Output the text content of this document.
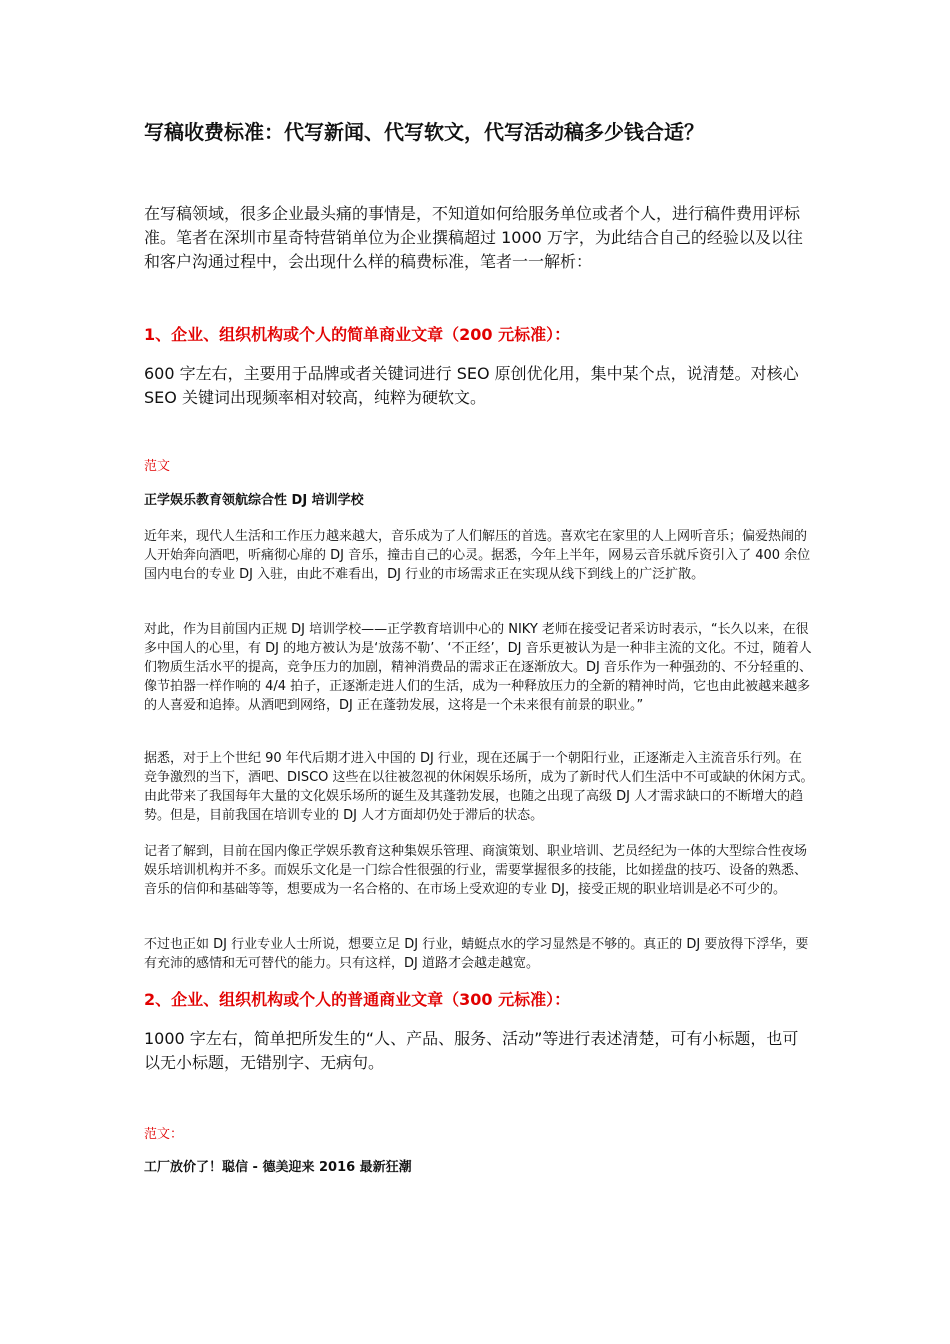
写稿收费标准：代写新闻、代写软文，代写活动稿多少钱合适？

在写稿领域，很多企业最头痛的事情是，不知道如何给服务单位或者个人，进行稿件费用评标准。笔者在深圳市星奇特营销单位为企业撰稿超过 1000 万字，为此结合自己的经验以及以往和客户沟通过程中，会出现什么样的稿费标准，笔者一一解析：

1、企业、组织机构或个人的简单商业文章（200 元标准）：

600 字左右，主要用于品牌或者关键词进行 SEO 原创优化用，集中某个点，说清楚。对核心 SEO 关键词出现频率相对较高，纯粹为硬软文。

范文
正学娱乐教育领航综合性 DJ 培训学校

近年来，现代人生活和工作压力越来越大，音乐成为了人们解压的首选。喜欢宅在家里的人上网听音乐；偏爱热闹的人开始奔向酒吧，听痛彻心扉的 DJ 音乐，撞击自己的心灵。据悉，今年上半年，网易云音乐就斥资引入了 400 余位国内电台的专业 DJ 入驻，由此不难看出，DJ 行业的市场需求正在实现从线下到线上的广泛扩散。

对此，作为目前国内正规 DJ 培训学校——正学教育培训中心的 NIKY 老师在接受记者采访时表示，“长久以来，在很多中国人的心里，有 DJ 的地方被认为是‘放荡不勒’、‘不正经’，DJ 音乐更被认为是一种非主流的文化。不过，随着人们物质生活水平的提高，竞争压力的加剧，精神消费品的需求正在逐渐放大。DJ 音乐作为一种强劲的、不分轻重的、像节拍器一样作响的 4/4 拍子，正逐渐走进人们的生活，成为一种释放压力的全新的精神时尚，它也由此被越来越多的人喜爱和追捧。从酒吧到网络，DJ 正在蓬勃发展，这将是一个未来很有前景的职业。”

据悉，对于上个世纪 90 年代后期才进入中国的 DJ 行业，现在还属于一个朝阳行业，正逐渐走入主流音乐行列。在竞争激烈的当下，酒吧、DISCO 这些在以往被忽视的休闲娱乐场所，成为了新时代人们生活中不可或缺的休闲方式。由此带来了我国每年大量的文化娱乐场所的诞生及其蓬勃发展，也随之出现了高级 DJ 人才需求缺口的不断增大的趋势。但是，目前我国在培训专业的 DJ 人才方面却仍处于滞后的状态。

记者了解到，目前在国内像正学娱乐教育这种集娱乐管理、商演策划、职业培训、艺员经纪为一体的大型综合性夜场娱乐培训机构并不多。而娱乐文化是一门综合性很强的行业，需要掌握很多的技能，比如搓盘的技巧、设备的熟悉、音乐的信仰和基础等等，想要成为一名合格的、在市场上受欢迎的专业 DJ，接受正规的职业培训是必不可少的。

不过也正如 DJ 行业专业人士所说，想要立足 DJ 行业，蜻蜓点水的学习显然是不够的。真正的 DJ 要放得下浮华，要有充沛的感情和无可替代的能力。只有这样，DJ 道路才会越走越宽。

2、企业、组织机构或个人的普通商业文章（300 元标准）：

1000 字左右，简单把所发生的“人、产品、服务、活动”等进行表述清楚，可有小标题，也可以无小标题，无错别字、无病句。

范文：
工厂放价了！聪信 - 德美迎来 2016 最新狂潮
